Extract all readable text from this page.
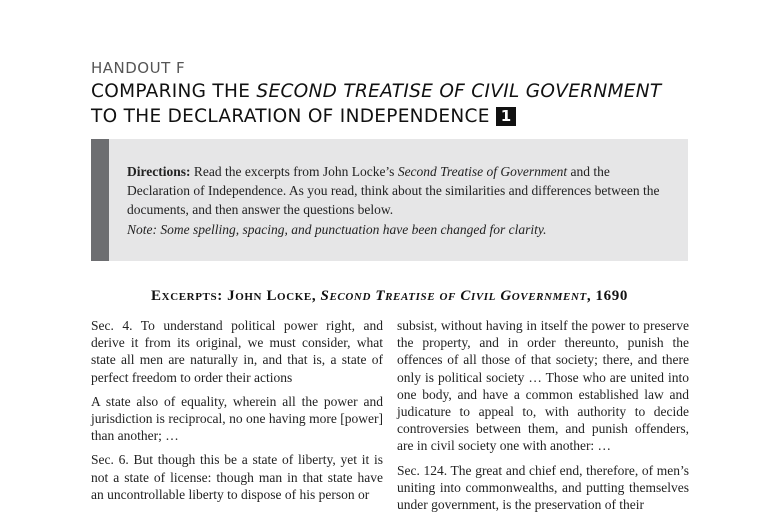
HANDOUT F
COMPARING THE SECOND TREATISE OF CIVIL GOVERNMENT
TO THE DECLARATION OF INDEPENDENCE 1

Directions: Read the excerpts from John Locke’s Second Treatise of Government and the Declaration of Independence. As you read, think about the similarities and differences between the documents, and then answer the questions below.

Note: Some spelling, spacing, and punctuation have been changed for clarity.

Excerpts: John Locke, Second Treatise of Civil Government, 1690

Sec. 4. To understand political power right, and derive it from its original, we must consider, what state all men are naturally in, and that is, a state of perfect freedom to order their actions

A state also of equality, wherein all the power and jurisdiction is reciprocal, no one having more [power] than another; …

Sec. 6. But though this be a state of liberty, yet it is not a state of license: though man in that state have an uncontrollable liberty to dispose of his person or

subsist, without having in itself the power to preserve the property, and in order thereunto, punish the offences of all those of that society; there, and there only is political society … Those who are united into one body, and have a common established law and judicature to appeal to, with authority to decide controversies between them, and punish offenders, are in civil society one with another: …

Sec. 124. The great and chief end, therefore, of men’s uniting into commonwealths, and putting themselves under government, is the preservation of their
